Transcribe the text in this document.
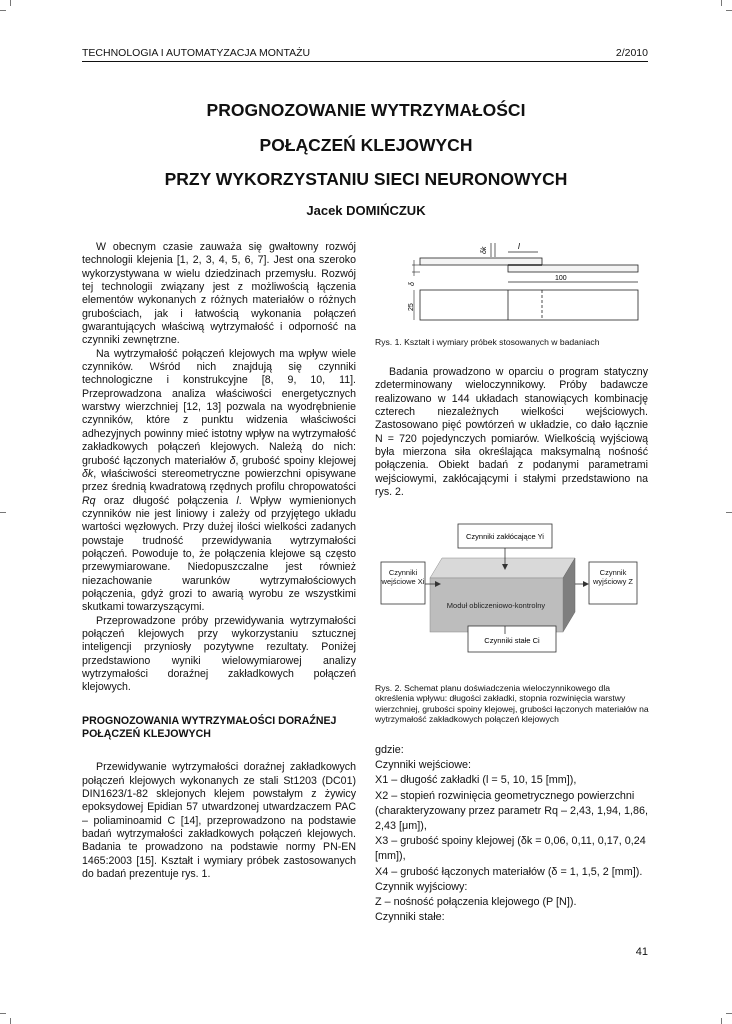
TECHNOLOGIA I AUTOMATYZACJA MONTAŻU	2/2010
PROGNOZOWANIE WYTRZYMAŁOŚCI
POŁĄCZEŃ KLEJOWYCH
PRZY WYKORZYSTANIU SIECI NEURONOWYCH
Jacek DOMIŃCZUK

W obecnym czasie zauważa się gwałtowny rozwój technologii klejenia [1, 2, 3, 4, 5, 6, 7]. Jest ona szeroko wykorzystywana w wielu dziedzinach przemysłu. Rozwój tej technologii związany jest z możliwością łączenia elementów wykonanych z różnych materiałów o różnych grubościach, jak i łatwością wykonania połączeń gwarantujących właściwą wytrzymałość i odporność na czynniki zewnętrzne.

Na wytrzymałość połączeń klejowych ma wpływ wiele czynników. Wśród nich znajdują się czynniki technologiczne i konstrukcyjne [8, 9, 10, 11]. Przeprowadzona analiza właściwości energetycznych warstwy wierzchniej [12, 13] pozwala na wyodrębnienie czynników, które z punktu widzenia właściwości adhezyjnych powinny mieć istotny wpływ na wytrzymałość zakładkowych połączeń klejowych. Należą do nich: grubość łączonych materiałów δ, grubość spoiny klejowej δk, właściwości stereometryczne powierzchni opisywane przez średnią kwadratową rzędnych profilu chropowatości Rq oraz długość połączenia l. Wpływ wymienionych czynników nie jest liniowy i zależy od przyjętego układu wartości węzłowych. Przy dużej ilości wielkości zadanych powstaje trudność przewidywania wytrzymałości połączeń. Powoduje to, że połączenia klejowe są często przewymiarowane. Niedopuszczalne jest również niezachowanie warunków wytrzymałościowych połączenia, gdyż grozi to awarią wyrobu ze wszystkimi skutkami towarzyszącymi.

Przeprowadzone próby przewidywania wytrzymałości połączeń klejowych przy wykorzystaniu sztucznej inteligencji przyniosły pozytywne rezultaty. Poniżej przedstawiono wyniki wielowymiarowej analizy wytrzymałości doraźnej zakładkowych połączeń klejowych.

PROGNOZOWANIA WYTRZYMAŁOŚCI DORAŹNEJ POŁĄCZEŃ KLEJOWYCH

Przewidywanie wytrzymałości doraźnej zakładkowych połączeń klejowych wykonanych ze stali St1203 (DC01) DIN1623/1-82 sklejonych klejem powstałym z żywicy epoksydowej Epidian 57 utwardzonej utwardzaczem PAC – poliaminoamid C [14], przeprowadzono na podstawie badań wytrzymałości zakładkowych połączeń klejowych. Badania te prowadzono na podstawie normy PN-EN 1465:2003 [15]. Kształt i wymiary próbek zastosowanych do badań prezentuje rys. 1.

δk	l
δ
100
25
Rys. 1. Kształt i wymiary próbek stosowanych w badaniach

Badania prowadzono w oparciu o program statyczny zdeterminowany wieloczynnikowy. Próby badawcze realizowano w 144 układach stanowiących kombinację czterech niezależnych wielkości wejściowych. Zastosowano pięć powtórzeń w układzie, co dało łącznie N = 720 pojedynczych pomiarów. Wielkością wyjściową była mierzona siła określająca maksymalną nośność połączenia. Obiekt badań z podanymi parametrami wejściowymi, zakłócającymi i stałymi przedstawiono na rys. 2.

Moduł obliczeniowo-kontrolny
Czynniki zakłócające Yi
Czynniki wejściowe Xi
Czynnik wyjściowy Z
Czynniki stałe Ci
Rys. 2. Schemat planu doświadczenia wieloczynnikowego dla określenia wpływu: długości zakładki, stopnia rozwinięcia warstwy wierzchniej, grubości spoiny klejowej, grubości łączonych materiałów na wytrzymałość zakładkowych połączeń klejowych
gdzie:
Czynniki wejściowe:
X1 – długość zakładki (l = 5, 10, 15 [mm]),
X2 – stopień rozwinięcia geometrycznego powierzchni (charakteryzowany przez parametr Rq – 2,43, 1,94, 1,86, 2,43 [μm]),
X3 – grubość spoiny klejowej (δk = 0,06, 0,11, 0,17, 0,24 [mm]),
X4 – grubość łączonych materiałów (δ = 1, 1,5, 2 [mm]).
Czynnik wyjściowy:
Z – nośność połączenia klejowego (P [N]).
Czynniki stałe:
41
